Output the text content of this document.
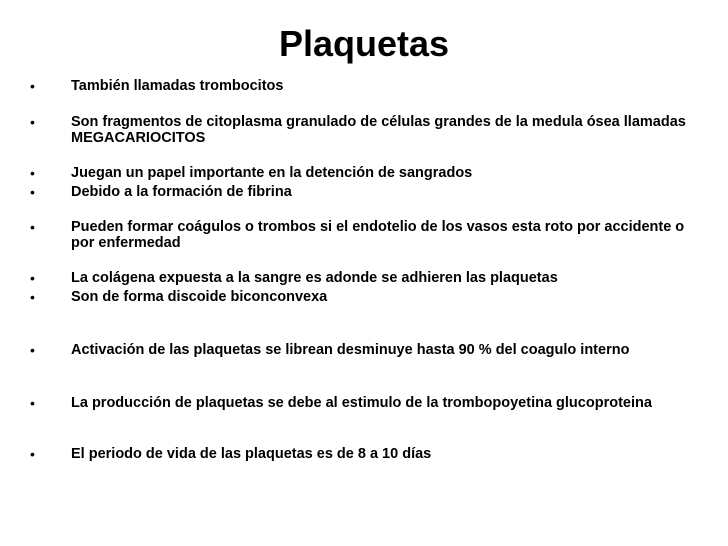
Plaquetas
•	También llamadas trombocitos
•	Son fragmentos de citoplasma granulado de células grandes de la medula ósea llamadas MEGACARIOCITOS
•	Juegan un papel importante en la detención de sangrados
•	Debido a la formación de fibrina
•	Pueden formar coágulos o trombos si el endotelio de los vasos esta roto por accidente o por enfermedad
•	La colágena expuesta a la sangre es adonde se adhieren las plaquetas
•	Son de forma discoide biconconvexa
•	Activación de las plaquetas se librean desminuye hasta 90 % del coagulo interno
•	La producción de plaquetas se debe al estimulo de la trombopoyetina glucoproteina
•	El periodo de vida de las plaquetas es de 8 a 10 días
